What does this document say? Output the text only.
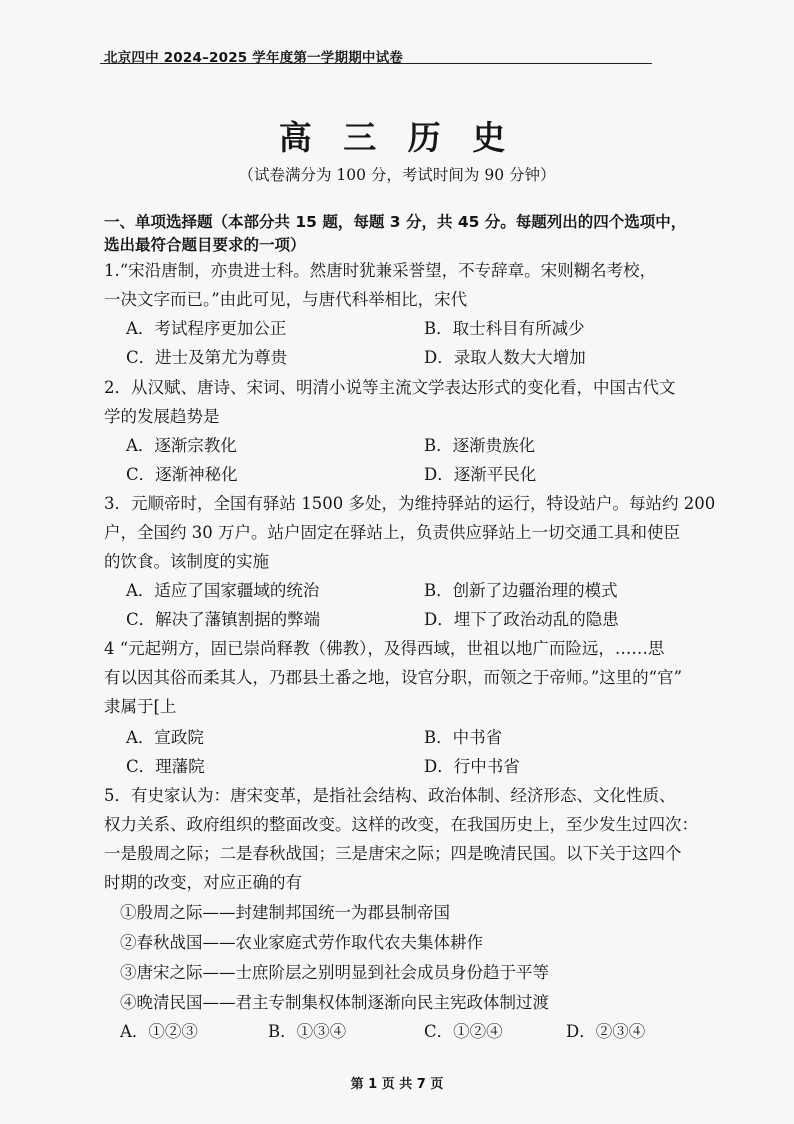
北京四中 2024–2025 学年度第一学期期中试卷
高 三 历 史
（试卷满分为 100 分，考试时间为 90 分钟）
一、单项选择题（本部分共 15 题，每题 3 分，共 45 分。每题列出的四个选项中，
选出最符合题目要求的一项）
1.“宋沿唐制，亦贵进士科。然唐时犹兼采誉望，不专辞章。宋则糊名考校，
一决文字而已。”由此可见，与唐代科举相比，宋代
A．考试程序更加公正	B．取士科目有所减少
C．进士及第尤为尊贵	D．录取人数大大增加
2．从汉赋、唐诗、宋词、明清小说等主流文学表达形式的变化看，中国古代文
学的发展趋势是
A．逐渐宗教化	B．逐渐贵族化
C．逐渐神秘化	D．逐渐平民化
3．元顺帝时，全国有驿站 1500 多处，为维持驿站的运行，特设站户。每站约 200
户，全国约 30 万户。站户固定在驿站上，负责供应驿站上一切交通工具和使臣
的饮食。该制度的实施
A．适应了国家疆域的统治	B．创新了边疆治理的模式
C．解决了藩镇割据的弊端	D．埋下了政治动乱的隐患
4 “元起朔方，固已崇尚释教（佛教），及得西域，世祖以地广而险远，……思
有以因其俗而柔其人，乃郡县土番之地，设官分职，而领之于帝师。”这里的“官”
隶属于[上
A．宣政院	B．中书省
C．理藩院	D．行中书省
5．有史家认为：唐宋变革，是指社会结构、政治体制、经济形态、文化性质、
权力关系、政府组织的整面改变。这样的改变，在我国历史上，至少发生过四次：
一是殷周之际；二是春秋战国；三是唐宋之际；四是晚清民国。以下关于这四个
时期的改变，对应正确的有
①殷周之际——封建制邦国统一为郡县制帝国
②春秋战国——农业家庭式劳作取代农夫集体耕作
③唐宋之际——士庶阶层之别明显到社会成员身份趋于平等
④晚清民国——君主专制集权体制逐渐向民主宪政体制过渡
A．①②③	B．①③④	C．①②④	D．②③④
第 1 页 共 7 页
